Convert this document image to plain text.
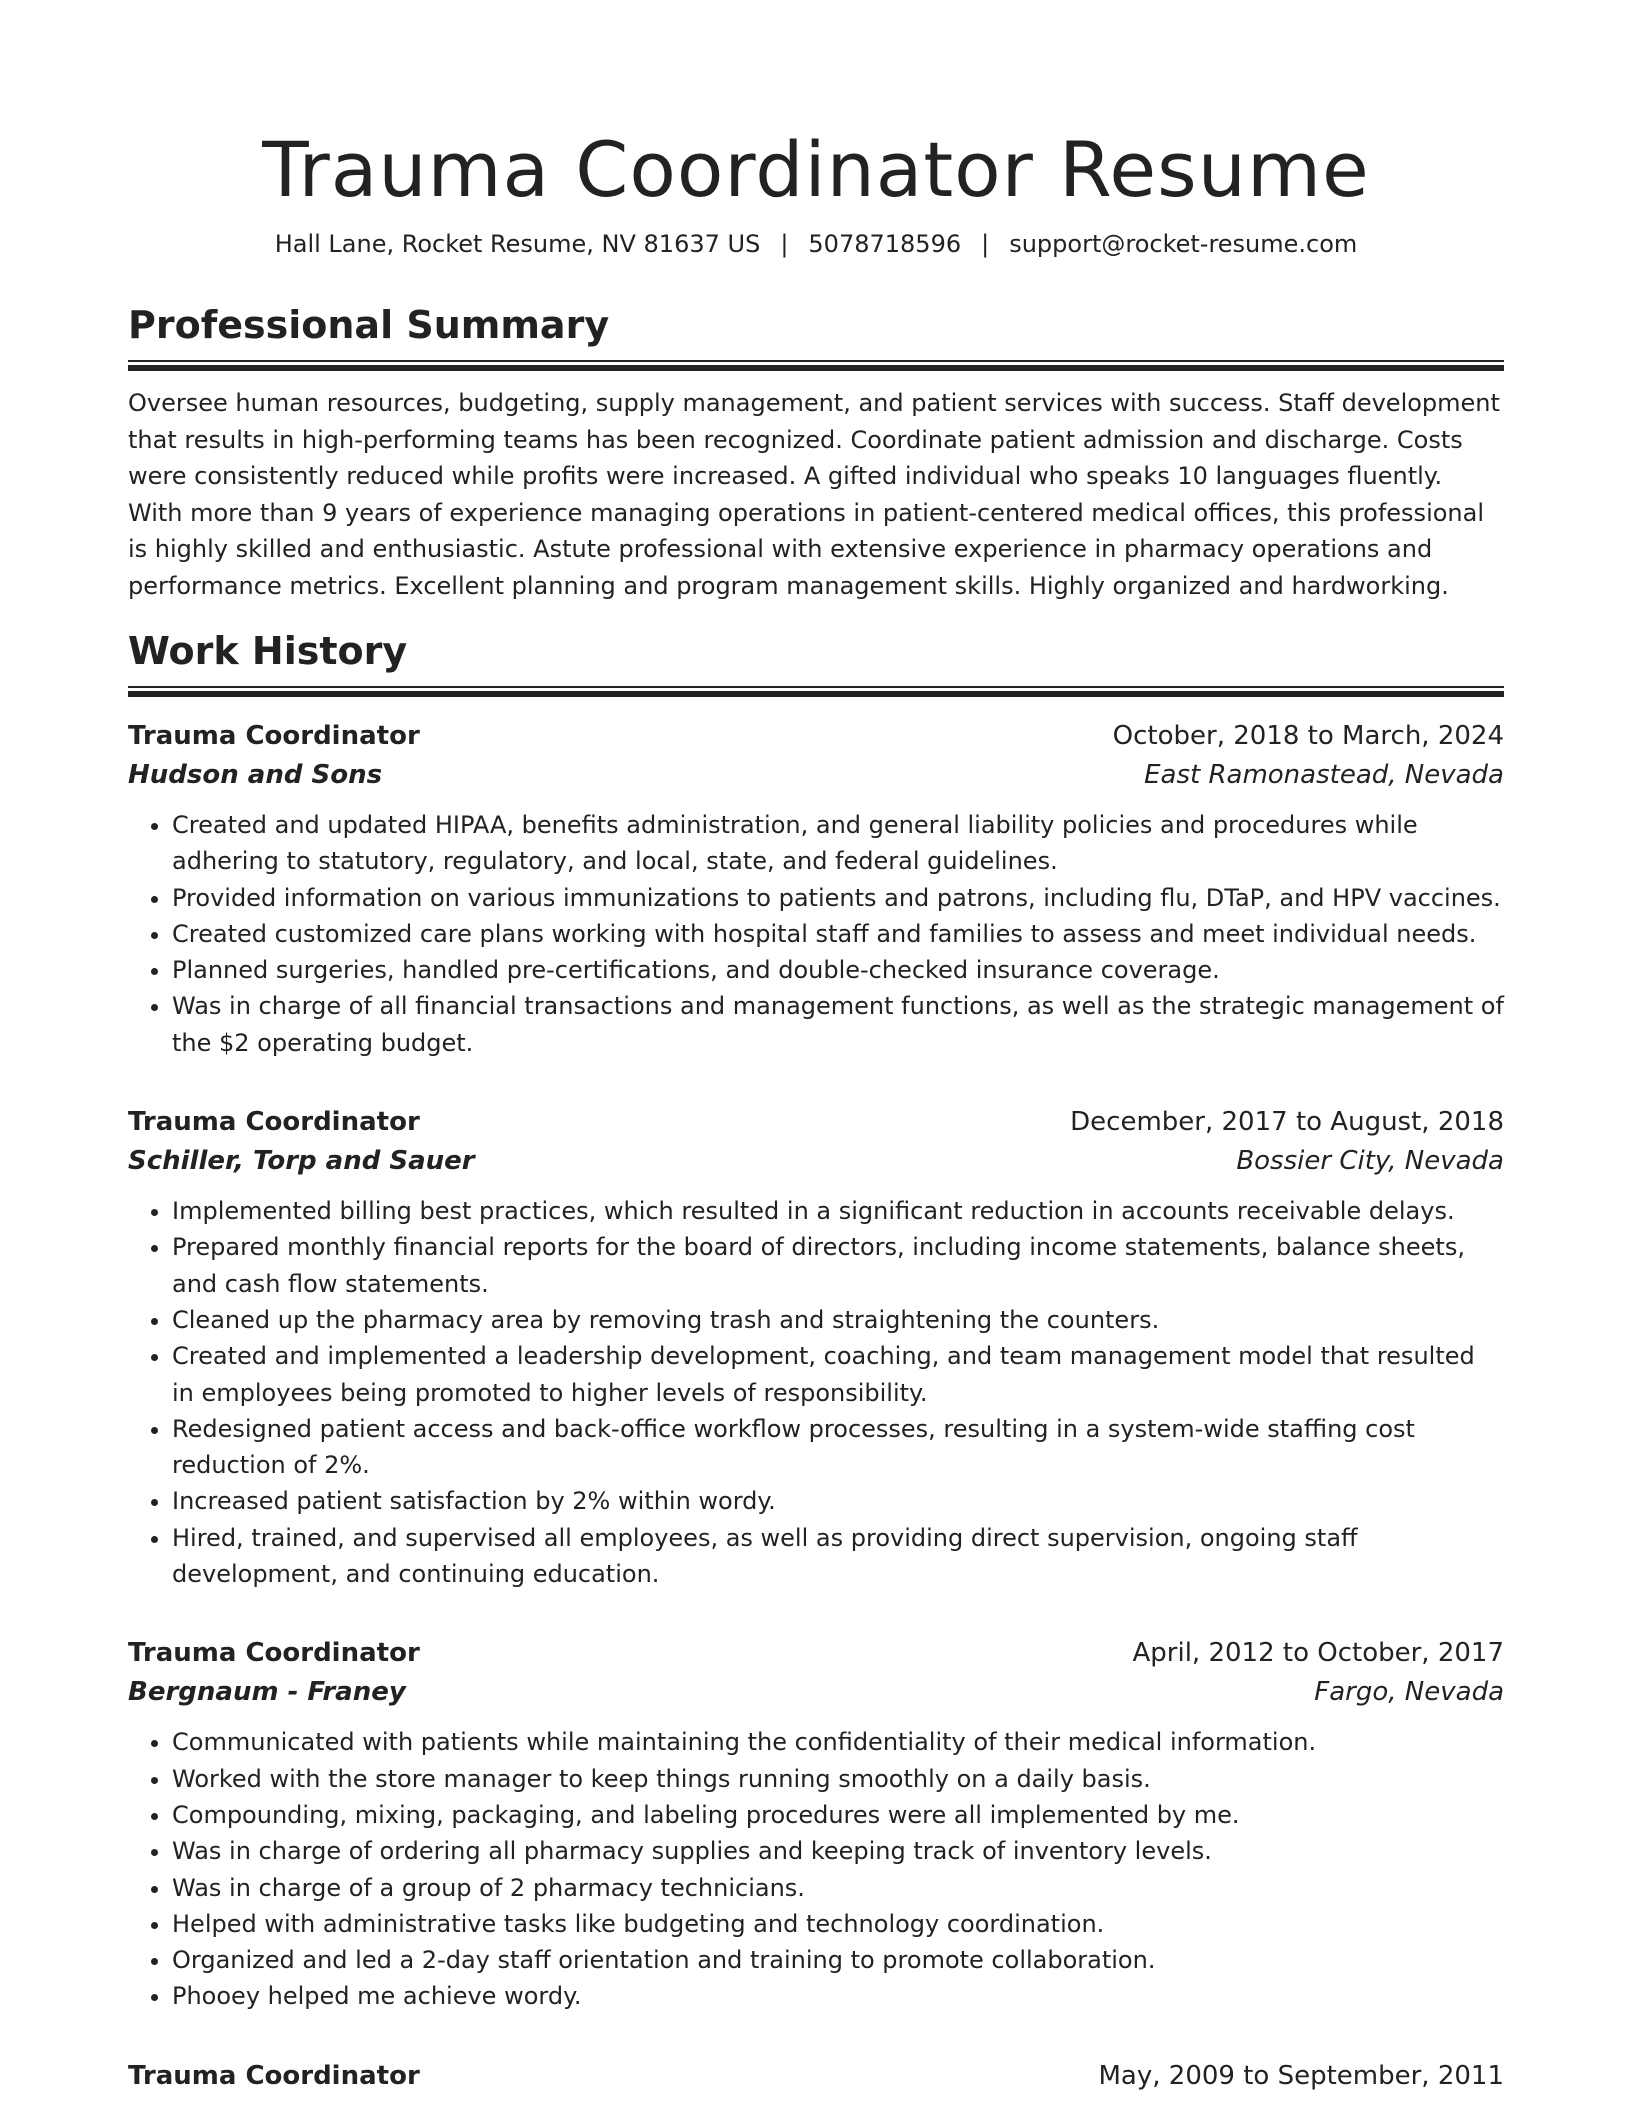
Trauma Coordinator Resume
Hall Lane, Rocket Resume, NV 81637 US | 5078718596 | support@rocket-resume.com
Professional Summary

Oversee human resources, budgeting, supply management, and patient services with success. Staff development that results in high-performing teams has been recognized. Coordinate patient admission and discharge. Costs were consistently reduced while profits were increased. A gifted individual who speaks 10 languages fluently. With more than 9 years of experience managing operations in patient-centered medical offices, this professional is highly skilled and enthusiastic. Astute professional with extensive experience in pharmacy operations and performance metrics. Excellent planning and program management skills. Highly organized and hardworking.

Work History
Trauma Coordinator	October, 2018 to March, 2024
Hudson and Sons	East Ramonastead, Nevada
• Created and updated HIPAA, benefits administration, and general liability policies and procedures while adhering to statutory, regulatory, and local, state, and federal guidelines.
• Provided information on various immunizations to patients and patrons, including flu, DTaP, and HPV vaccines.
• Created customized care plans working with hospital staff and families to assess and meet individual needs.
• Planned surgeries, handled pre-certifications, and double-checked insurance coverage.
• Was in charge of all financial transactions and management functions, as well as the strategic management of the $2 operating budget.
Trauma Coordinator	December, 2017 to August, 2018
Schiller, Torp and Sauer	Bossier City, Nevada
• Implemented billing best practices, which resulted in a significant reduction in accounts receivable delays.
• Prepared monthly financial reports for the board of directors, including income statements, balance sheets, and cash flow statements.
• Cleaned up the pharmacy area by removing trash and straightening the counters.
• Created and implemented a leadership development, coaching, and team management model that resulted in employees being promoted to higher levels of responsibility.
• Redesigned patient access and back-office workflow processes, resulting in a system-wide staffing cost reduction of 2%.
• Increased patient satisfaction by 2% within wordy.
• Hired, trained, and supervised all employees, as well as providing direct supervision, ongoing staff development, and continuing education.
Trauma Coordinator	April, 2012 to October, 2017
Bergnaum - Franey	Fargo, Nevada
• Communicated with patients while maintaining the confidentiality of their medical information.
• Worked with the store manager to keep things running smoothly on a daily basis.
• Compounding, mixing, packaging, and labeling procedures were all implemented by me.
• Was in charge of ordering all pharmacy supplies and keeping track of inventory levels.
• Was in charge of a group of 2 pharmacy technicians.
• Helped with administrative tasks like budgeting and technology coordination.
• Organized and led a 2-day staff orientation and training to promote collaboration.
• Phooey helped me achieve wordy.
Trauma Coordinator	May, 2009 to September, 2011
